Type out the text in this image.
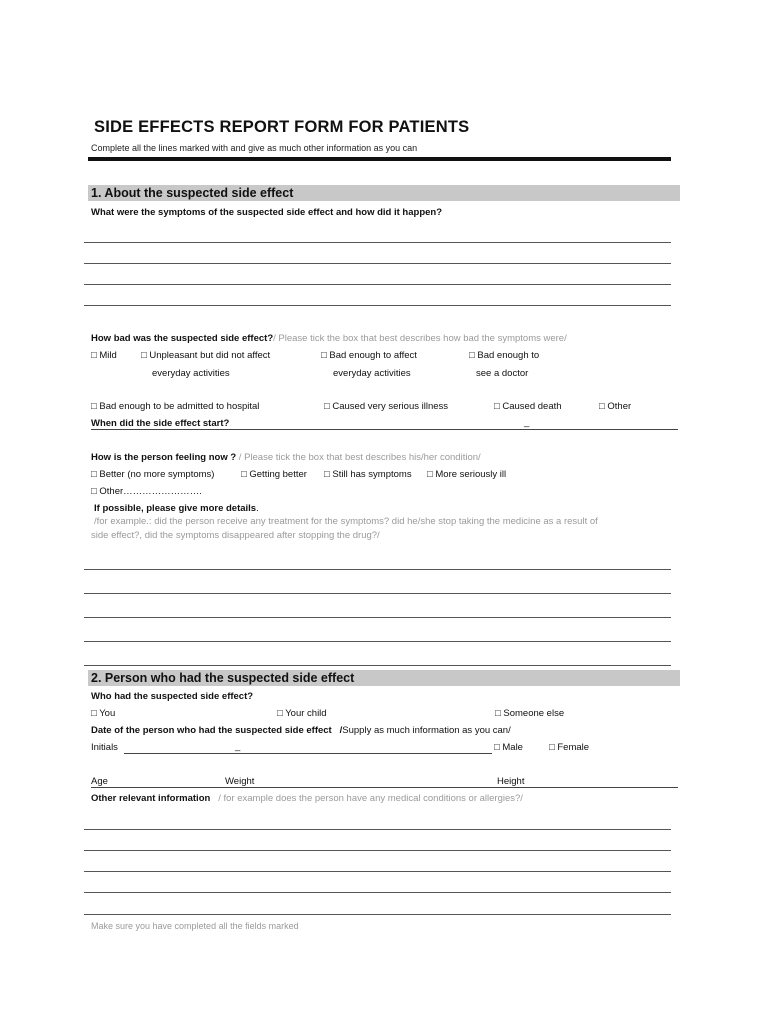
SIDE EFFECTS REPORT FORM FOR PATIENTS
Complete all the lines marked with and give as much other information as you can
1. About the suspected side effect
What were the symptoms of the suspected side effect and how did it happen?
How bad was the suspected side effect?/ Please tick the box that best describes how bad the symptoms were/
□ Mild	□ Unpleasant but did not affect
everyday activities
□ Bad enough to affect
everyday activities
□ Bad enough to
see a doctor
□ Bad enough to be admitted to hospital	□ Caused very serious illness	□ Caused death	□ Other
When did the side effect start?	_
How is the person feeling now ? / Please tick the box that best describes his/her condition/
□ Better (no more symptoms)	□ Getting better □ Still has symptoms □ More seriously ill
□ Other…………………….
If possible, please give more details.
/for example.: did the person receive any treatment for the symptoms? did he/she stop taking the medicine as a result of
side effect?, did the symptoms disappeared after stopping the drug?/
2. Person who had the suspected side effect
Who had the suspected side effect?
□ You	□ Your child	□ Someone else
Date of the person who had the suspected side effect /Supply as much information as you can/
Initials	_	□ Male	□ Female
Age	Weight	Height
Other relevant information / for example does the person have any medical conditions or allergies?/
Make sure you have completed all the fields marked
